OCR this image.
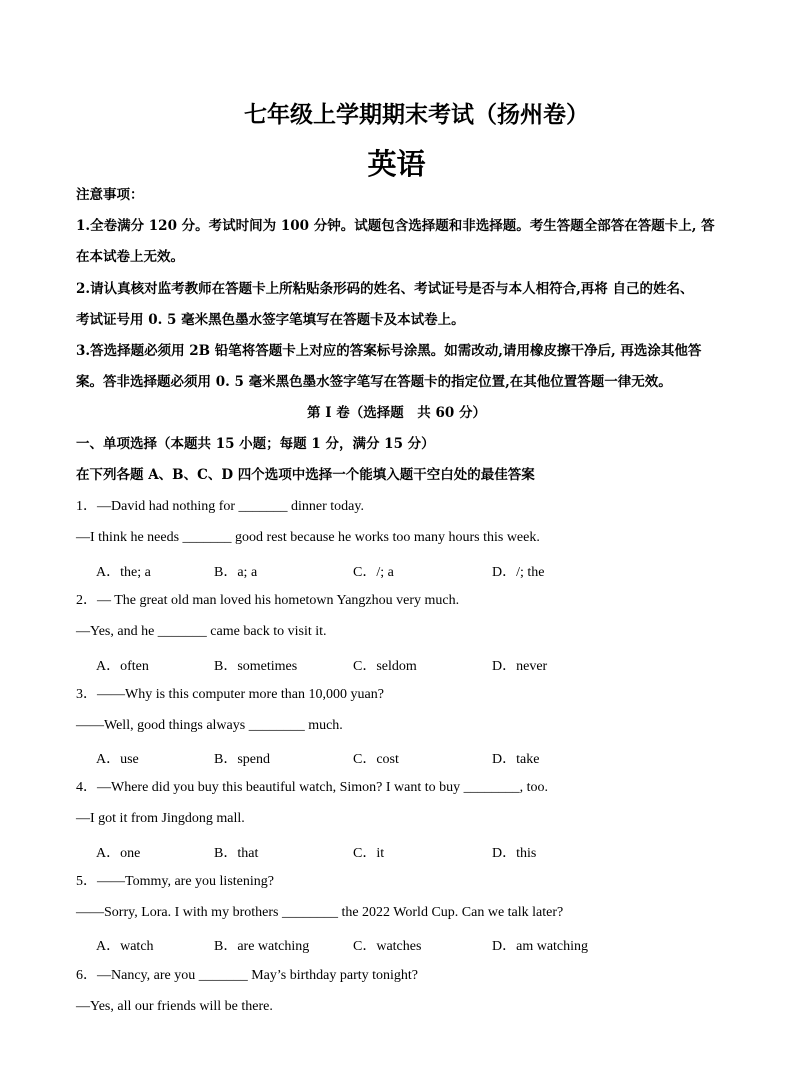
七年级上学期期末考试（扬州卷）
英语
注意事项：
1.全卷满分 120 分。考试时间为 100 分钟。试题包含选择题和非选择题。考生答题全部答在答题卡上, 答
在本试卷上无效。
2.请认真核对监考教师在答题卡上所粘贴条形码的姓名、考试证号是否与本人相符合,再将 自己的姓名、
考试证号用 0. 5 毫米黑色墨水签字笔填写在答题卡及本试卷上。
3.答选择题必须用 2B 铅笔将答题卡上对应的答案标号涂黑。如需改动,请用橡皮擦干净后, 再选涂其他答
案。答非选择题必须用 0. 5 毫米黑色墨水签字笔写在答题卡的指定位置,在其他位置答题一律无效。
第 I 卷（选择题　共 60 分）
一、单项选择（本题共 15 小题；每题 1 分，满分 15 分）
在下列各题 A、B、C、D 四个选项中选择一个能填入题干空白处的最佳答案
1．—David had nothing for _______ dinner today.
—I think he needs _______ good rest because he works too many hours this week.
A．the; a	B．a; a	C．/; a	D．/; the
2．— The great old man loved his hometown Yangzhou very much.
—Yes, and he _______ came back to visit it.
A．often	B．sometimes	C．seldom	D．never
3．——Why is this computer more than 10,000 yuan?
——Well, good things always ________ much.
A．use	B．spend	C．cost	D．take
4．—Where did you buy this beautiful watch, Simon? I want to buy ________, too.
—I got it from Jingdong mall.
A．one	B．that	C．it	D．this
5．——Tommy, are you listening?
——Sorry, Lora. I with my brothers ________ the 2022 World Cup. Can we talk later?
A．watch	B．are watching	C．watches	D．am watching
6．—Nancy, are you _______ May’s birthday party tonight?
—Yes, all our friends will be there.
